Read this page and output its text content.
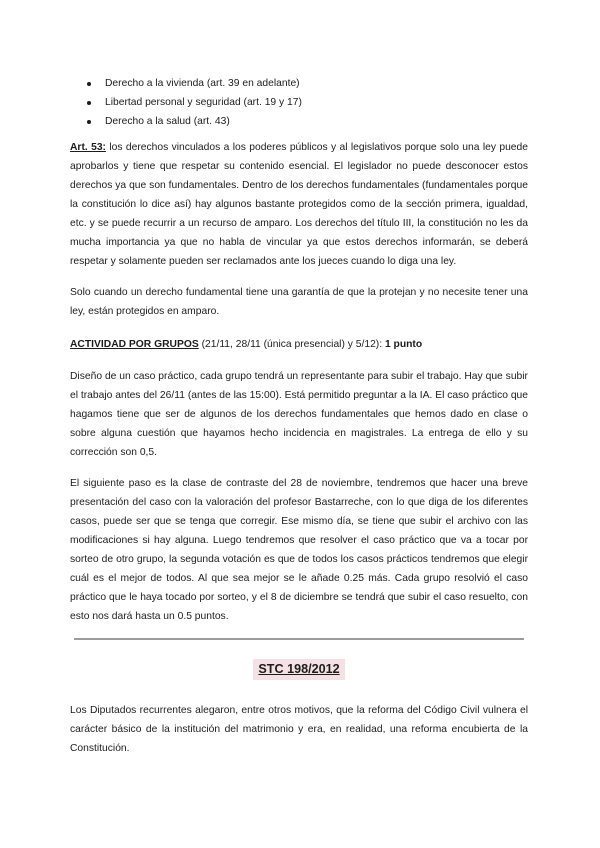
Derecho a la vivienda (art. 39 en adelante)
Libertad personal y seguridad (art. 19 y 17)
Derecho a la salud (art. 43)

Art. 53: los derechos vinculados a los poderes públicos y al legislativos porque solo una ley puede aprobarlos y tiene que respetar su contenido esencial. El legislador no puede desconocer estos derechos ya que son fundamentales. Dentro de los derechos fundamentales (fundamentales porque la constitución lo dice así) hay algunos bastante protegidos como de la sección primera, igualdad, etc. y se puede recurrir a un recurso de amparo. Los derechos del título III, la constitución no les da mucha importancia ya que no habla de vincular ya que estos derechos informarán, se deberá respetar y solamente pueden ser reclamados ante los jueces cuando lo diga una ley.

Solo cuando un derecho fundamental tiene una garantía de que la protejan y no necesite tener una ley, están protegidos en amparo.

ACTIVIDAD POR GRUPOS (21/11, 28/11 (única presencial) y 5/12): 1 punto

Diseño de un caso práctico, cada grupo tendrá un representante para subir el trabajo. Hay que subir el trabajo antes del 26/11 (antes de las 15:00). Está permitido preguntar a la IA. El caso práctico que hagamos tiene que ser de algunos de los derechos fundamentales que hemos dado en clase o sobre alguna cuestión que hayamos hecho incidencia en magistrales. La entrega de ello y su corrección son 0,5.

El siguiente paso es la clase de contraste del 28 de noviembre, tendremos que hacer una breve presentación del caso con la valoración del profesor Bastarreche, con lo que diga de los diferentes casos, puede ser que se tenga que corregir. Ese mismo día, se tiene que subir el archivo con las modificaciones si hay alguna. Luego tendremos que resolver el caso práctico que va a tocar por sorteo de otro grupo, la segunda votación es que de todos los casos prácticos tendremos que elegir cuál es el mejor de todos. Al que sea mejor se le añade 0.25 más. Cada grupo resolvió el caso práctico que le haya tocado por sorteo, y el 8 de diciembre se tendrá que subir el caso resuelto, con esto nos dará hasta un 0.5 puntos.

STC 198/2012

Los Diputados recurrentes alegaron, entre otros motivos, que la reforma del Código Civil vulnera el carácter básico de la institución del matrimonio y era, en realidad, una reforma encubierta de la Constitución.
